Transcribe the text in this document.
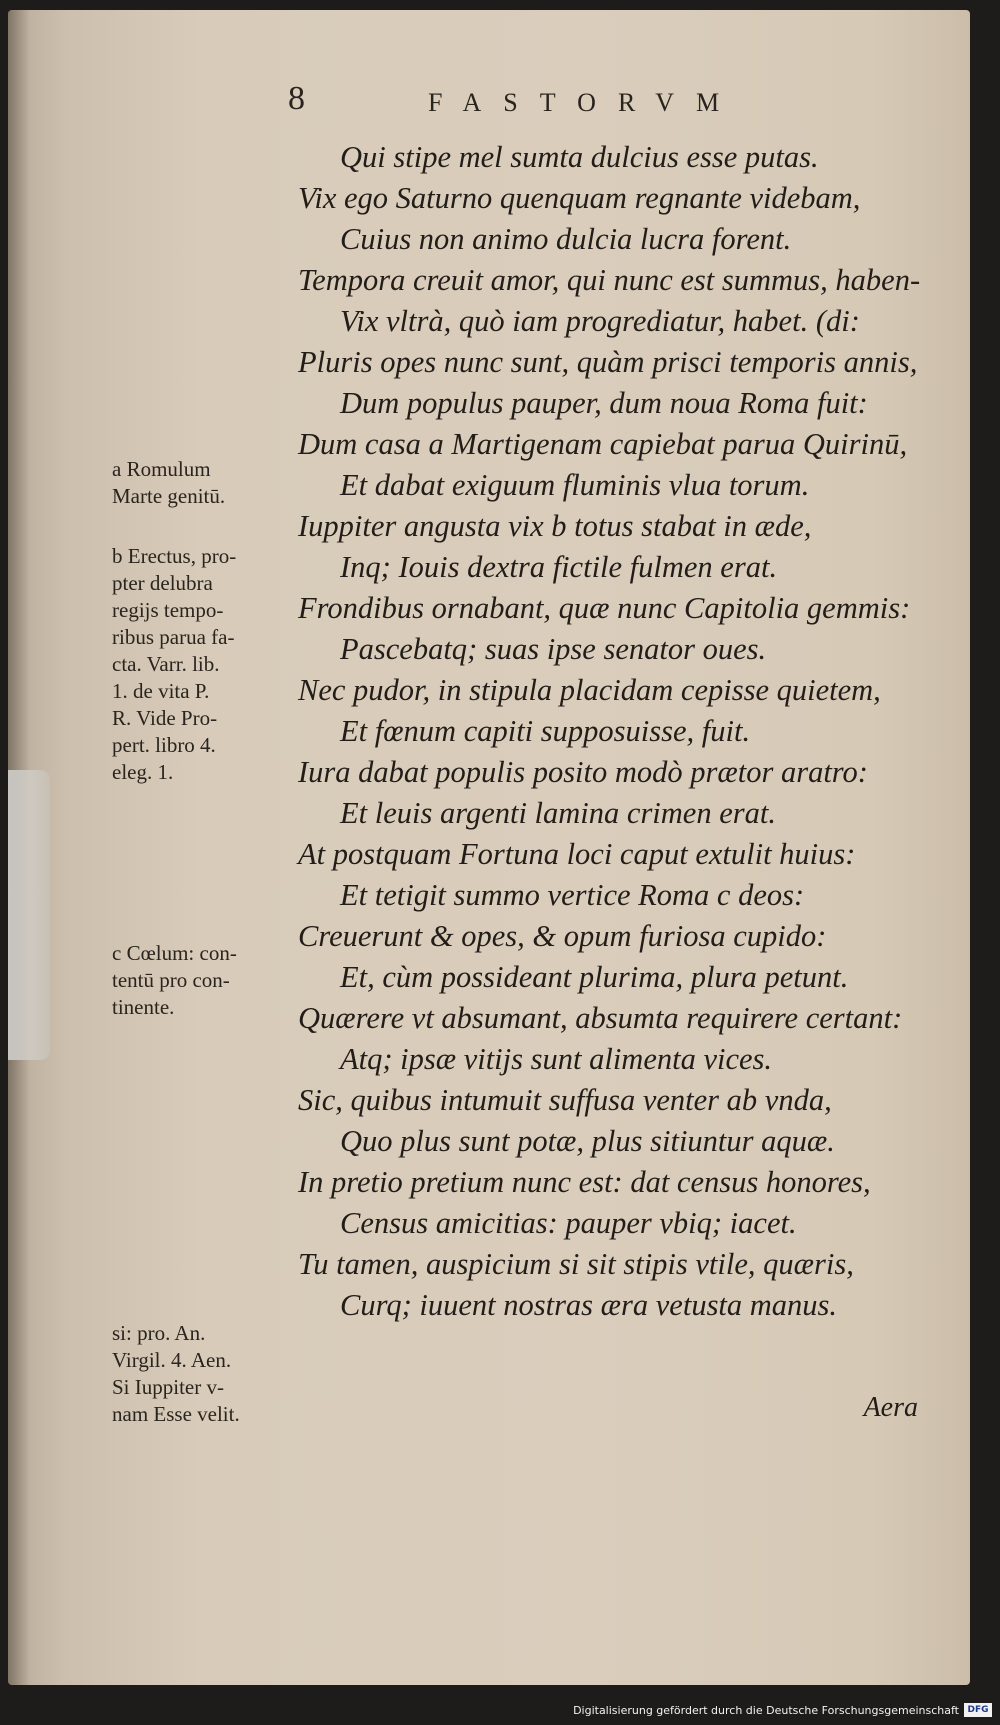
8	FASTORVM
Qui stipe mel sumta dulcius esse putas.
Vix ego Saturno quenquam regnante videbam,
Cuius non animo dulcia lucra forent.
Tempora creuit amor, qui nunc est summus, haben-
Vix vltrà, quò iam progrediatur, habet. (di:
Pluris opes nunc sunt, quàm prisci temporis annis,
Dum populus pauper, dum noua Roma fuit:
Dum casa a Martigenam capiebat parua Quirinū,
Et dabat exiguum fluminis vlua torum.
Iuppiter angusta vix b totus stabat in æde,
Inq; Iouis dextra fictile fulmen erat.
Frondibus ornabant, quæ nunc Capitolia gemmis:
Pascebatq; suas ipse senator oues.
Nec pudor, in stipula placidam cepisse quietem,
Et fœnum capiti supposuisse, fuit.
Iura dabat populis posito modò prætor aratro:
Et leuis argenti lamina crimen erat.
At postquam Fortuna loci caput extulit huius:
Et tetigit summo vertice Roma c deos:
Creuerunt & opes, & opum furiosa cupido:
Et, cùm possideant plurima, plura petunt.
Quærere vt absumant, absumta requirere certant:
Atq; ipsæ vitijs sunt alimenta vices.
Sic, quibus intumuit suffusa venter ab vnda,
Quo plus sunt potæ, plus sitiuntur aquæ.
In pretio pretium nunc est: dat census honores,
Census amicitias: pauper vbiq; iacet.
Tu tamen, auspicium si sit stipis vtile, quæris,
Curq; iuuent nostras æra vetusta manus.
Aera
a Romulum
Marte genitū.
b Erectus, pro-
pter delubra
regijs tempo-
ribus parua fa-
cta. Varr. lib.
1. de vita P.
R. Vide Pro-
pert. libro 4.
eleg. 1.
c Cœlum: con-
tentū pro con-
tinente.
si: pro. An.
Virgil. 4. Aen.
Si Iuppiter v-
nam Esse velit.
Digitalisierung gefördert durch die Deutsche Forschungsgemeinschaft DFG
